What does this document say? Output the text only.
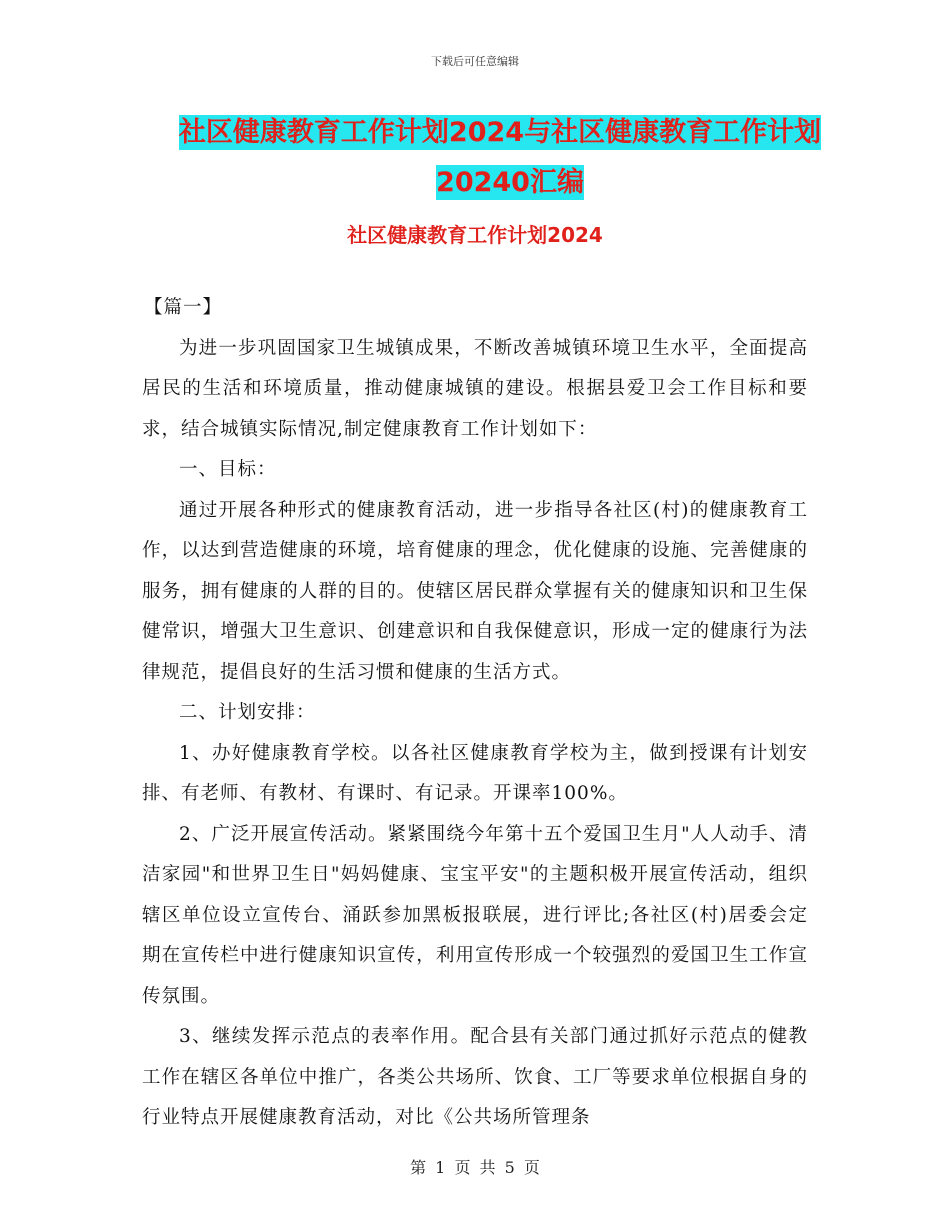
下载后可任意编辑
社区健康教育工作计划2024与社区健康教育工作计划
20240汇编
社区健康教育工作计划2024

【篇一】

为进一步巩固国家卫生城镇成果，不断改善城镇环境卫生水平，全面提高居民的生活和环境质量，推动健康城镇的建设。根据县爱卫会工作目标和要求，结合城镇实际情况,制定健康教育工作计划如下：

一、目标：

通过开展各种形式的健康教育活动，进一步指导各社区(村)的健康教育工作，以达到营造健康的环境，培育健康的理念，优化健康的设施、完善健康的服务，拥有健康的人群的目的。使辖区居民群众掌握有关的健康知识和卫生保健常识，增强大卫生意识、创建意识和自我保健意识，形成一定的健康行为法律规范，提倡良好的生活习惯和健康的生活方式。

二、计划安排：

1、办好健康教育学校。以各社区健康教育学校为主，做到授课有计划安排、有老师、有教材、有课时、有记录。开课率100%。

2、广泛开展宣传活动。紧紧围绕今年第十五个爱国卫生月"人人动手、清洁家园"和世界卫生日"妈妈健康、宝宝平安"的主题积极开展宣传活动，组织辖区单位设立宣传台、涌跃参加黑板报联展，进行评比;各社区(村)居委会定期在宣传栏中进行健康知识宣传，利用宣传形成一个较强烈的爱国卫生工作宣传氛围。

3、继续发挥示范点的表率作用。配合县有关部门通过抓好示范点的健教工作在辖区各单位中推广，各类公共场所、饮食、工厂等要求单位根据自身的行业特点开展健康教育活动，对比《公共场所管理条

第 1 页 共 5 页
